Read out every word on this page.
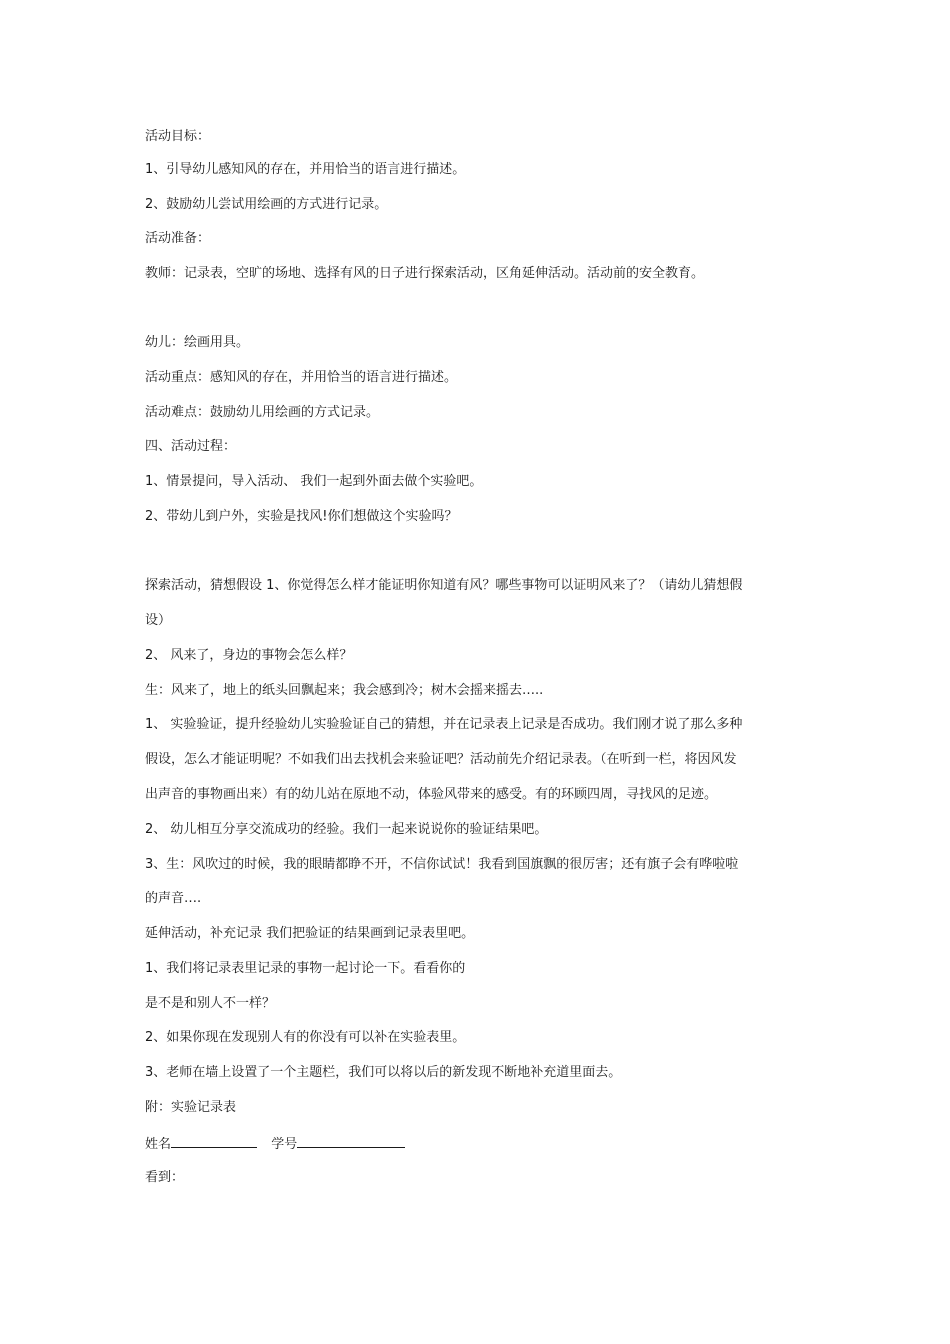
活动目标：
1、引导幼儿感知风的存在，并用恰当的语言进行描述。
2、鼓励幼儿尝试用绘画的方式进行记录。
活动准备：
教师：记录表，空旷的场地、选择有风的日子进行探索活动，区角延伸活动。活动前的安全教育。
幼儿：绘画用具。
活动重点：感知风的存在，并用恰当的语言进行描述。
活动难点：鼓励幼儿用绘画的方式记录。
四、活动过程：
1、情景提问，导入活动、 我们一起到外面去做个实验吧。
2、带幼儿到户外，实验是找风!你们想做这个实验吗？
探索活动，猜想假设 1、你觉得怎么样才能证明你知道有风？哪些事物可以证明风来了？（请幼儿猜想假
设）
2、 风来了，身边的事物会怎么样？
生：风来了，地上的纸头回飘起来；我会感到冷；树木会摇来摇去…..
1、 实验验证，提升经验幼儿实验验证自己的猜想，并在记录表上记录是否成功。我们刚才说了那么多种
假设，怎么才能证明呢？不如我们出去找机会来验证吧？活动前先介绍记录表。（在听到一栏，将因风发
出声音的事物画出来）有的幼儿站在原地不动，体验风带来的感受。有的环顾四周，寻找风的足迹。
2、 幼儿相互分享交流成功的经验。我们一起来说说你的验证结果吧。
3、生：风吹过的时候，我的眼睛都睁不开，不信你试试！我看到国旗飘的很厉害；还有旗子会有哗啦啦
的声音….
延伸活动，补充记录 我们把验证的结果画到记录表里吧。
1、我们将记录表里记录的事物一起讨论一下。看看你的
是不是和别人不一样？
2、如果你现在发现别人有的你没有可以补在实验表里。
3、老师在墙上设置了一个主题栏，我们可以将以后的新发现不断地补充道里面去。
附：实验记录表
姓名	学号
看到：
